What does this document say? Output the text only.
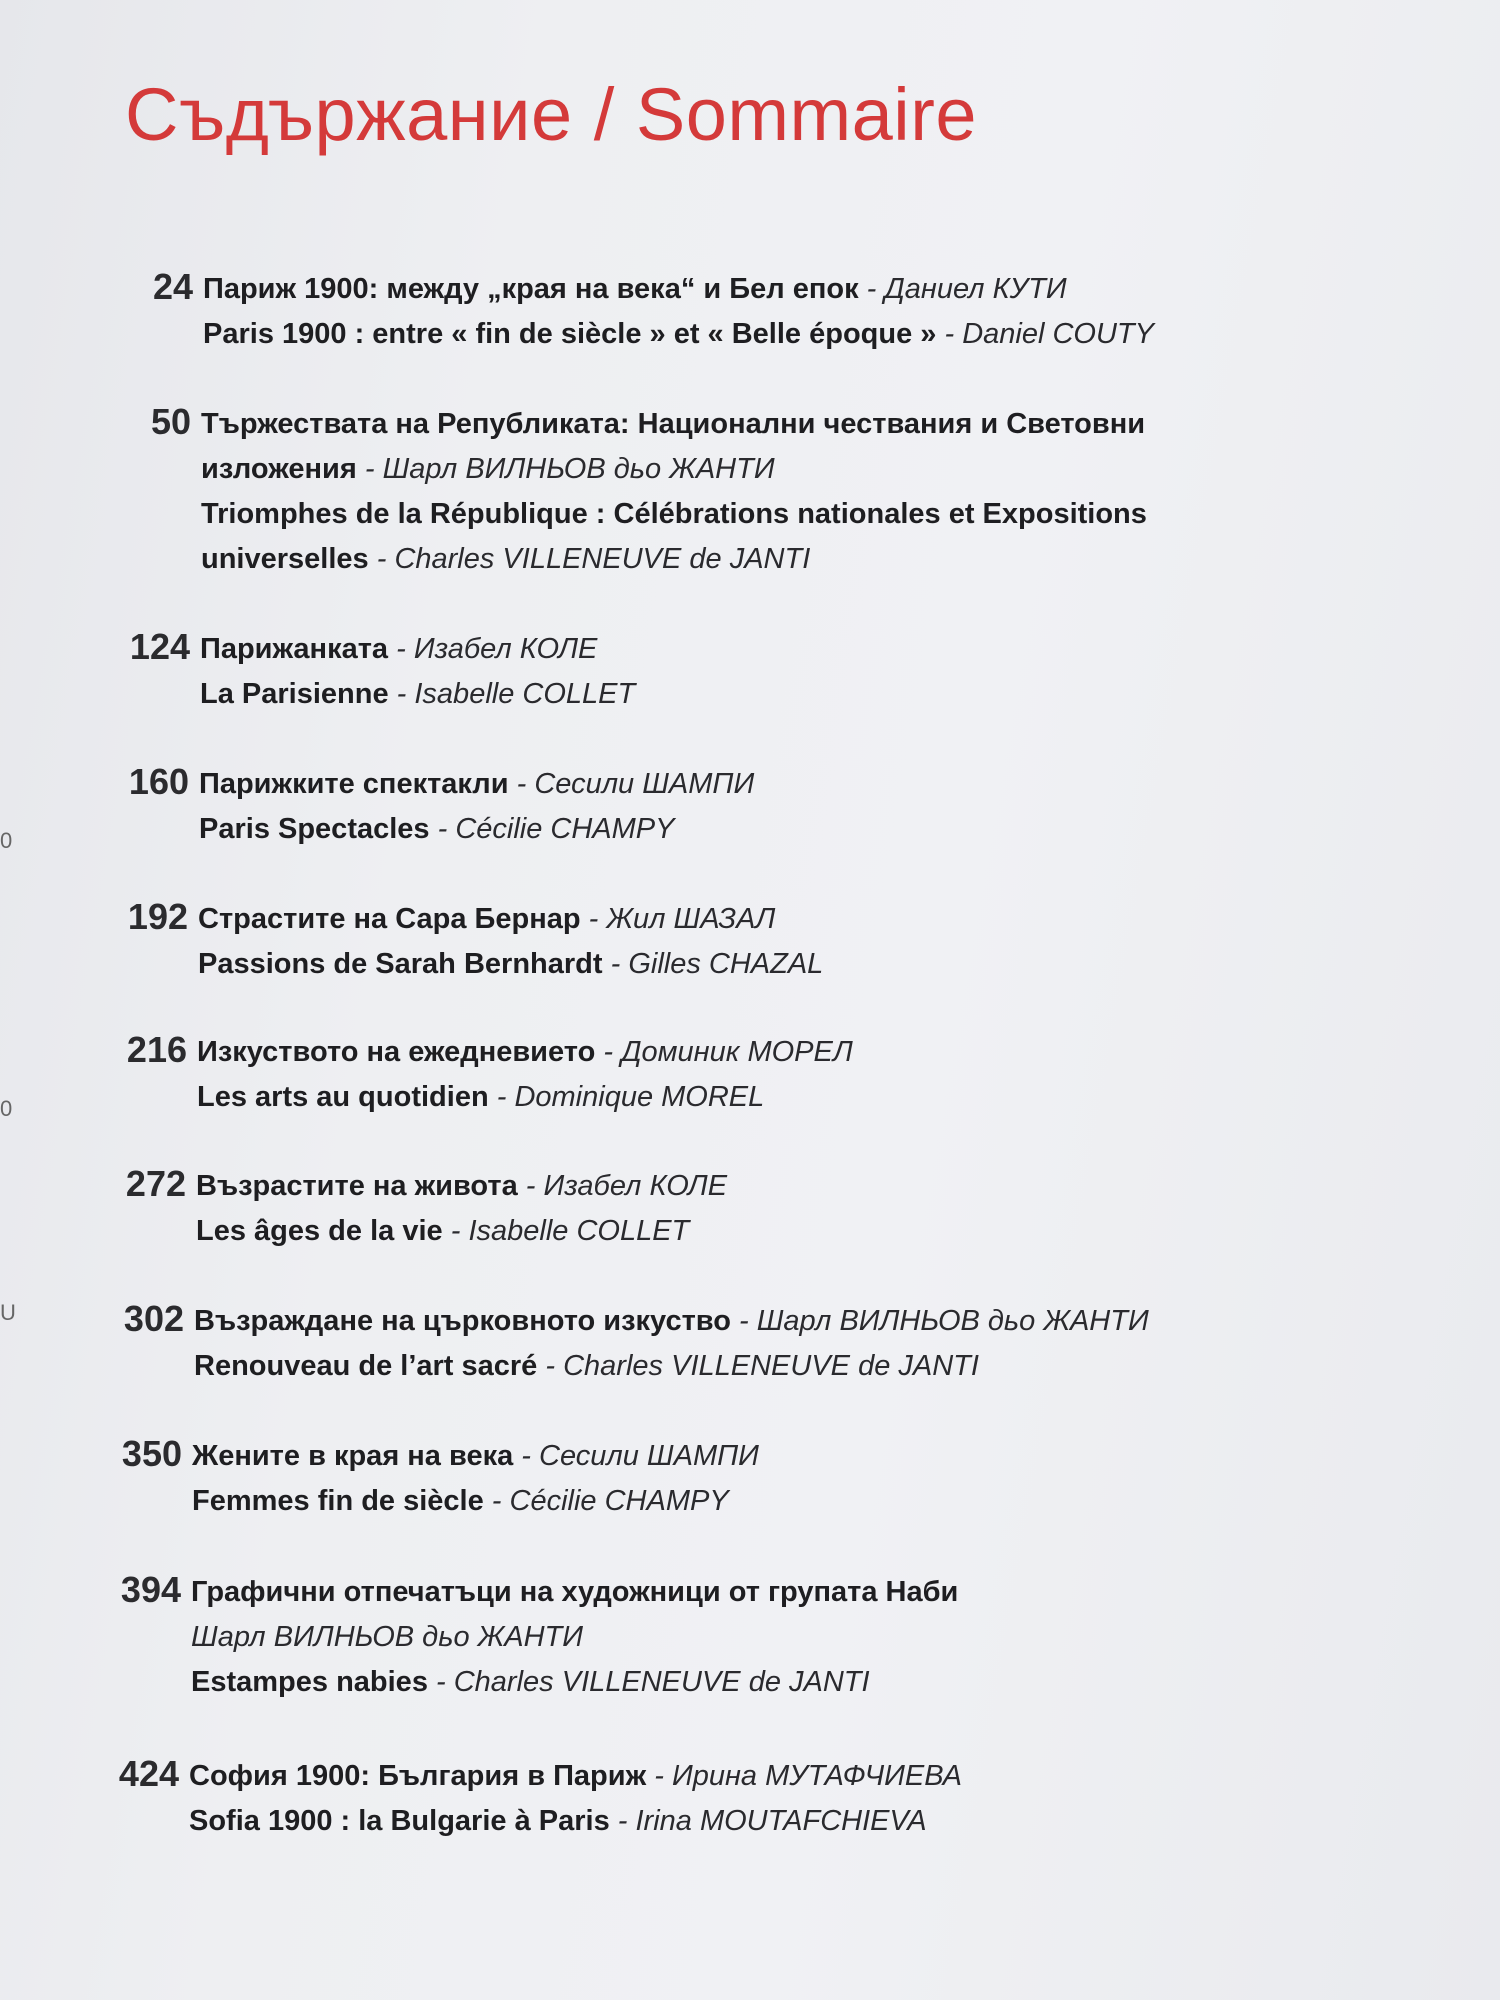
Съдържание / Sommaire
24 Париж 1900: между „края на века“ и Бел епок - Даниел КУТИ
Paris 1900 : entre « fin de siècle » et « Belle époque » - Daniel COUTY
50 Тържествата на Републиката: Национални чествания и Световни
изложения - Шарл ВИЛНЬОВ дьо ЖАНТИ
Triomphes de la République : Célébrations nationales et Expositions
universelles - Charles VILLENEUVE de JANTI
124 Парижанката - Изабел КОЛЕ
La Parisienne - Isabelle COLLET
160 Парижките спектакли - Сесили ШАМПИ
Paris Spectacles - Cécilie CHAMPY
192 Страстите на Сара Бернар - Жил ШАЗАЛ
Passions de Sarah Bernhardt - Gilles CHAZAL
216 Изкуството на ежедневието - Доминик МОРЕЛ
Les arts au quotidien - Dominique MOREL
272 Възрастите на живота - Изабел КОЛЕ
Les âges de la vie - Isabelle COLLET
302 Възраждане на църковното изкуство - Шарл ВИЛНЬОВ дьо ЖАНТИ
Renouveau de l’art sacré - Charles VILLENEUVE de JANTI
350 Жените в края на века - Сесили ШАМПИ
Femmes fin de siècle - Cécilie CHAMPY
394 Графични отпечатъци на художници от групата Наби
Шарл ВИЛНЬОВ дьо ЖАНТИ
Estampes nabies - Charles VILLENEUVE de JANTI
424 София 1900: България в Париж - Ирина МУТАФЧИЕВА
Sofia 1900 : la Bulgarie à Paris - Irina MOUTAFCHIEVA
0
0
U
